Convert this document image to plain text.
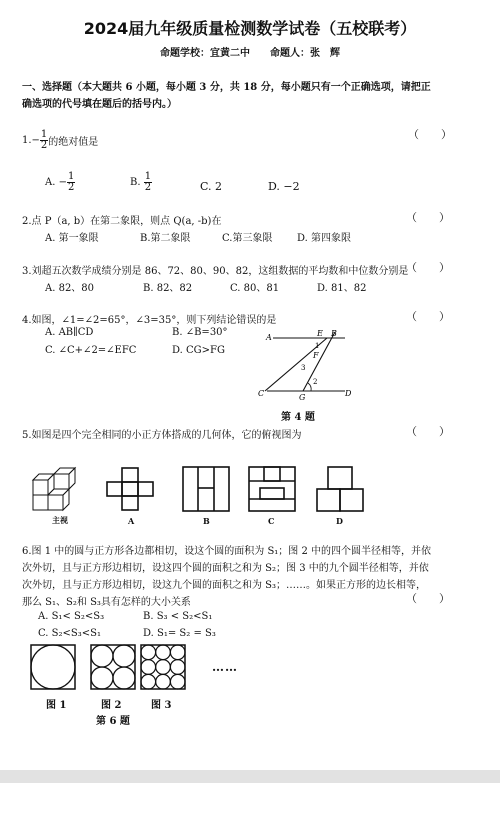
2024届九年级质量检测数学试卷（五校联考）
命题学校：宜黄二中　　命题人：张　辉
一、选择题（本大题共 6 小题，每小题 3 分，共 18 分，每小题只有一个正确选项，请把正
确选项的代号填在题后的括号内。）
$1.- \frac{1}{2}$ 的绝对值是
（　　）
A.
− $\frac{1}{2}$	B.
$\frac{1}{2}$	C. 2	D. −2
2.点 P（a, b）在第二象限，则点 Q(a, -b)在	（　　）
A. 第一象限	B.第二象限	C.第三象限 D. 第四象限
3.刘超五次数学成绩分别是 86、72、80、90、82，这组数据的平均数和中位数分别是
（　　）
A. 82、80	B. 82、82	C. 80、81	D. 81、82
4.如图，∠1=∠2=65°，∠3=35°，则下列结论错误的是	（　　）
A. AB∥CD	B. ∠B=30°
C. ∠C+∠2=∠EFC	D. CG>FG
A	B
E
F
C	G	D
1
2
3
第 4 题
5.如图是四个完全相同的小正方体搭成的几何体，它的俯视图为	（　　）
主视	A	B	C	D
6.图 1 中的圆与正方形各边都相切，设这个圆的面积为 S₁；图 2 中的四个圆半径相等，并依
次外切，且与正方形边相切，设这四个圆的面积之和为 S₂；图 3 中的九个圆半径相等，并依
次外切，且与正方形边相切，设这九个圆的面积之和为 S₃；……。如果正方形的边长相等，
那么 S₁、S₂和 S₃具有怎样的大小关系	（　　）
A. S₁< S₂<S₃	B. S₃ < S₂<S₁
C. S₂<S₃<S₁	D. S₁= S₂ = S₃
……
图 1	图 2	图 3
第 6 题
